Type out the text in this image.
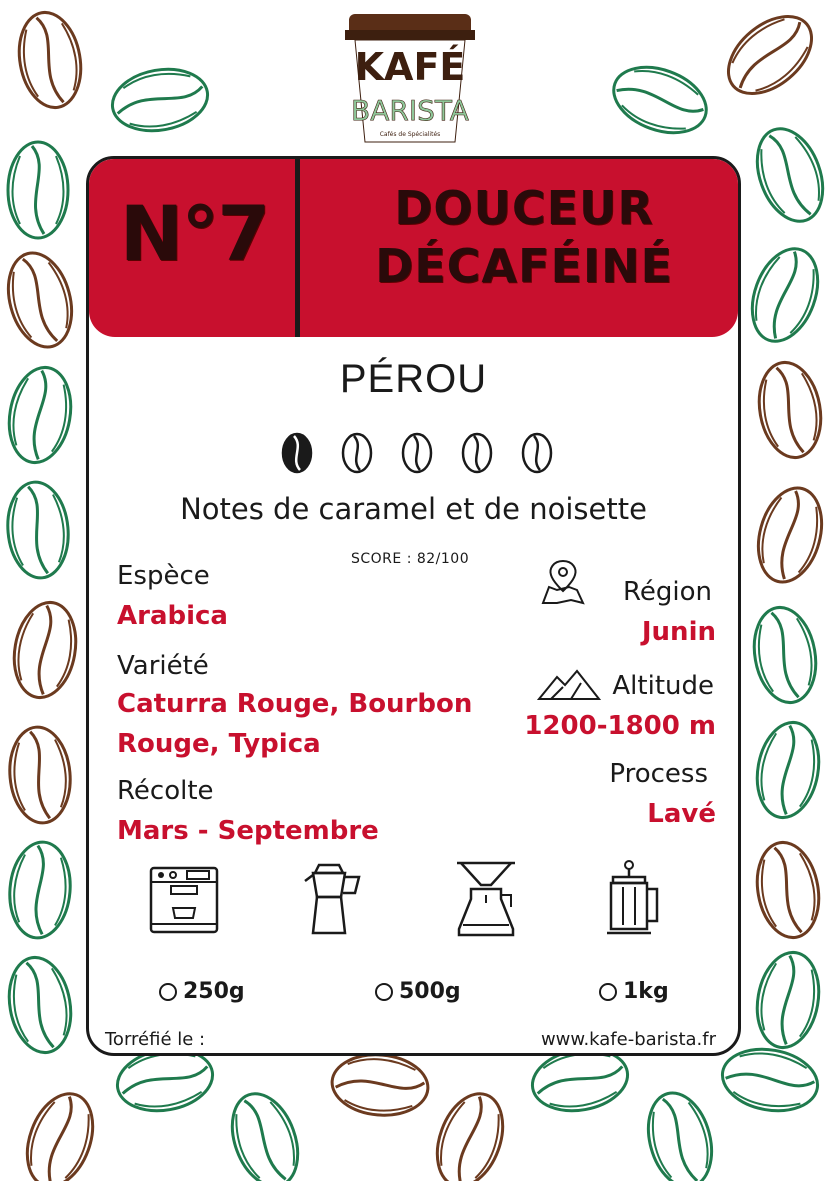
KAFÉ
BARISTA
Cafés de Spécialités
N°7	DOUCEUR
DÉCAFÉINÉ
PÉROU
Notes de caramel et de noisette
SCORE : 82/100
Espèce
Arabica
Variété
Caturra Rouge, Bourbon
Rouge, Typica
Récolte
Mars - Septembre
Région
Junin
Altitude
1200-1800 m
Process
Lavé
250g	500g	1kg
Torréfié le :	www.kafe-barista.fr
